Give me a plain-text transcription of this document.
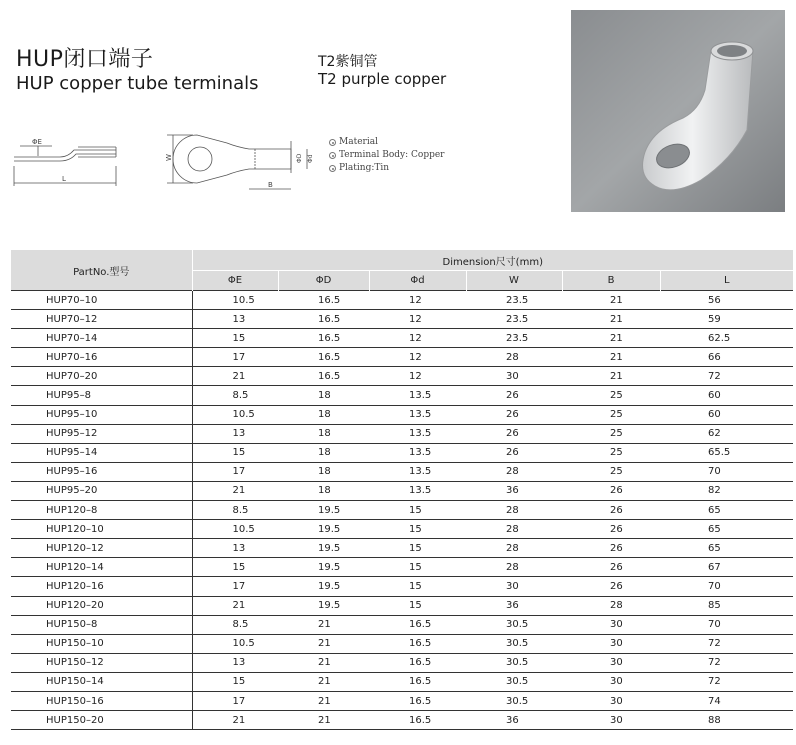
HUP闭口端子
HUP copper tube terminals
T2紫铜管
T2 purple copper
ΦE
L
W	ΦD Φd
B
Material
Terminal Body: Copper
Plating:Tin
PartNo.型号	Dimension尺寸(mm)					
	ΦE	ΦD	Φd	W	B	L
HUP70–10	10.5	16.5	12	23.5	21	56
HUP70–12	13	16.5	12	23.5	21	59
HUP70–14	15	16.5	12	23.5	21	62.5
HUP70–16	17	16.5	12	28	21	66
HUP70–20	21	16.5	12	30	21	72
HUP95–8	8.5	18	13.5	26	25	60
HUP95–10	10.5	18	13.5	26	25	60
HUP95–12	13	18	13.5	26	25	62
HUP95–14	15	18	13.5	26	25	65.5
HUP95–16	17	18	13.5	28	25	70
HUP95–20	21	18	13.5	36	26	82
HUP120–8	8.5	19.5	15	28	26	65
HUP120–10	10.5	19.5	15	28	26	65
HUP120–12	13	19.5	15	28	26	65
HUP120–14	15	19.5	15	28	26	67
HUP120–16	17	19.5	15	30	26	70
HUP120–20	21	19.5	15	36	28	85
HUP150–8	8.5	21	16.5	30.5	30	70
HUP150–10	10.5	21	16.5	30.5	30	72
HUP150–12	13	21	16.5	30.5	30	72
HUP150–14	15	21	16.5	30.5	30	72
HUP150–16	17	21	16.5	30.5	30	74
HUP150–20	21	21	16.5	36	30	88
